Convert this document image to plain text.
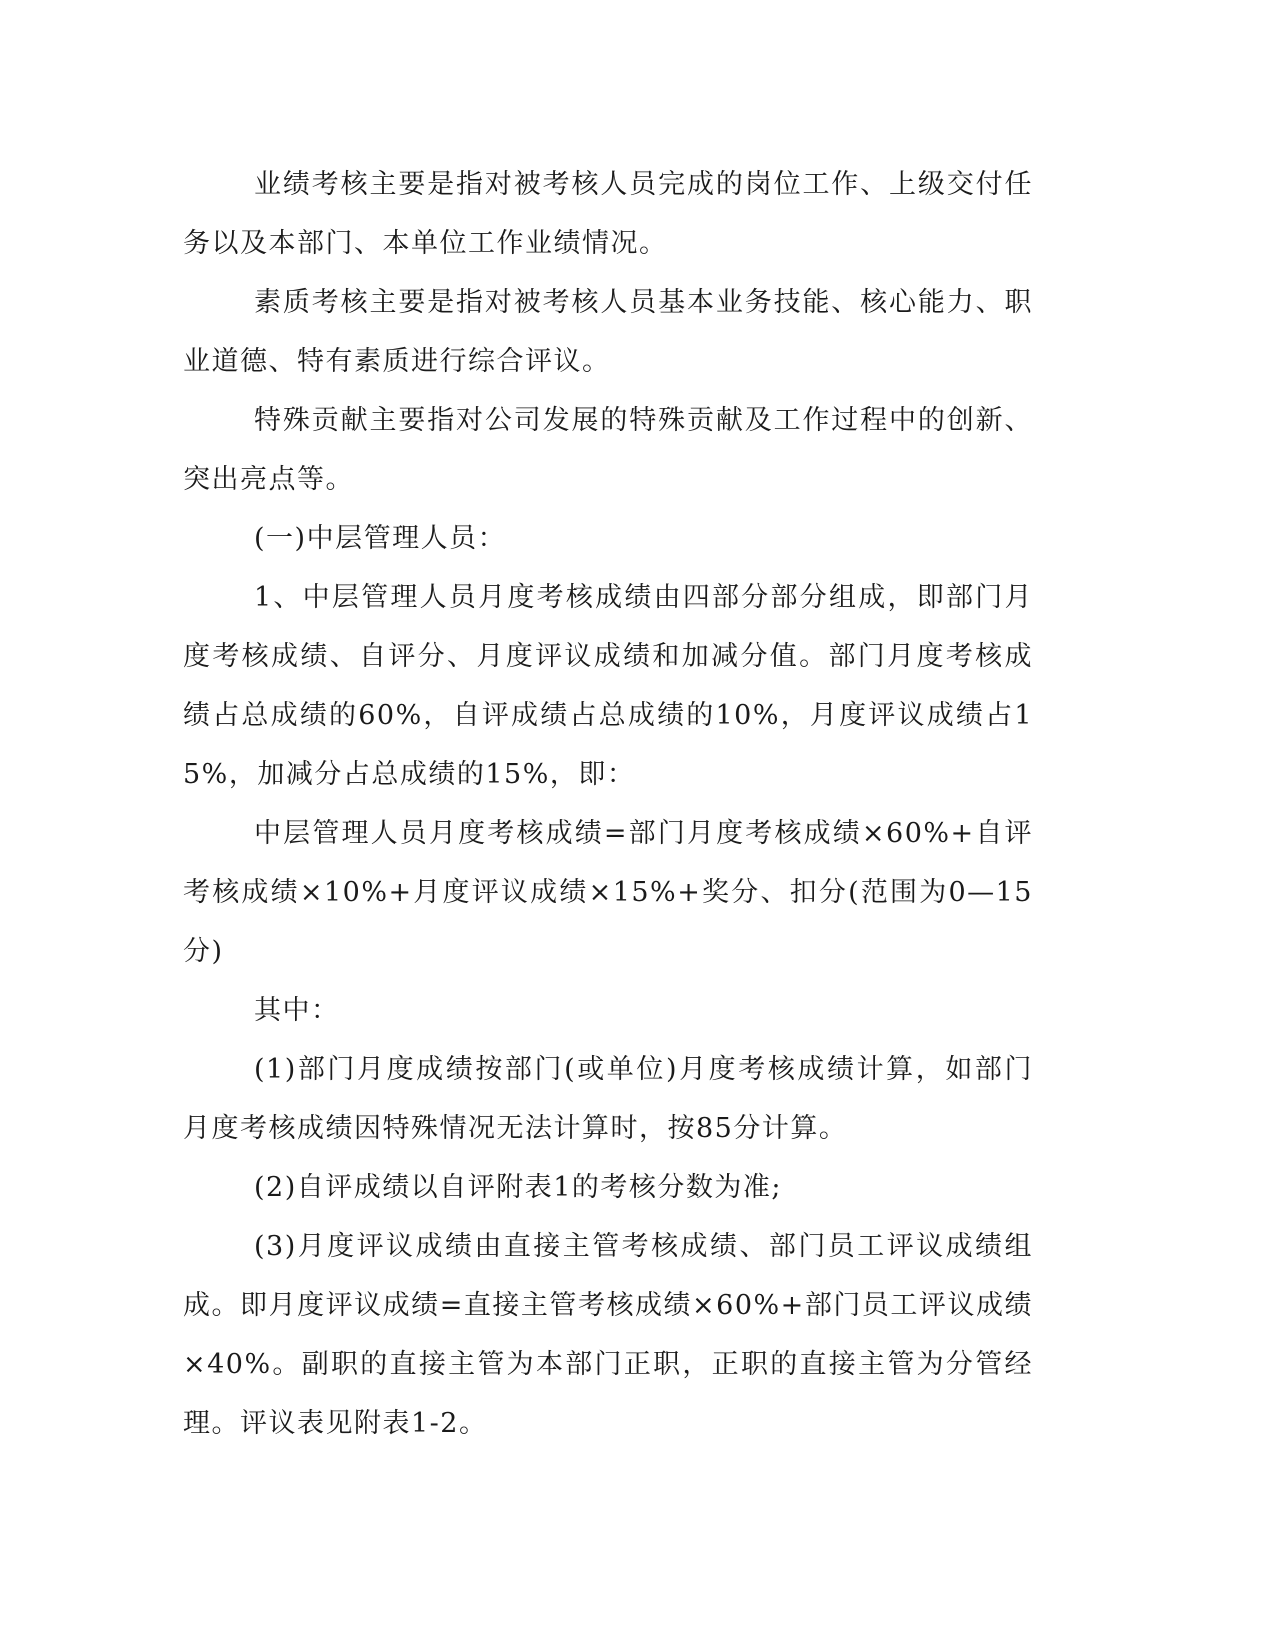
业绩考核主要是指对被考核人员完成的岗位工作、上级交付任务以及本部门、本单位工作业绩情况。

素质考核主要是指对被考核人员基本业务技能、核心能力、职业道德、特有素质进行综合评议。

特殊贡献主要指对公司发展的特殊贡献及工作过程中的创新、突出亮点等。

(一)中层管理人员：

1、中层管理人员月度考核成绩由四部分部分组成，即部门月度考核成绩、自评分、月度评议成绩和加减分值。部门月度考核成绩占总成绩的60%，自评成绩占总成绩的10%，月度评议成绩占15%，加减分占总成绩的15%，即：

中层管理人员月度考核成绩=部门月度考核成绩×60%+自评考核成绩×10%+月度评议成绩×15%+奖分、扣分(范围为0—15分)

其中：

(1)部门月度成绩按部门(或单位)月度考核成绩计算，如部门月度考核成绩因特殊情况无法计算时，按85分计算。

(2)自评成绩以自评附表1的考核分数为准;

(3)月度评议成绩由直接主管考核成绩、部门员工评议成绩组成。即月度评议成绩=直接主管考核成绩×60%+部门员工评议成绩×40%。副职的直接主管为本部门正职，正职的直接主管为分管经理。评议表见附表1-2。
